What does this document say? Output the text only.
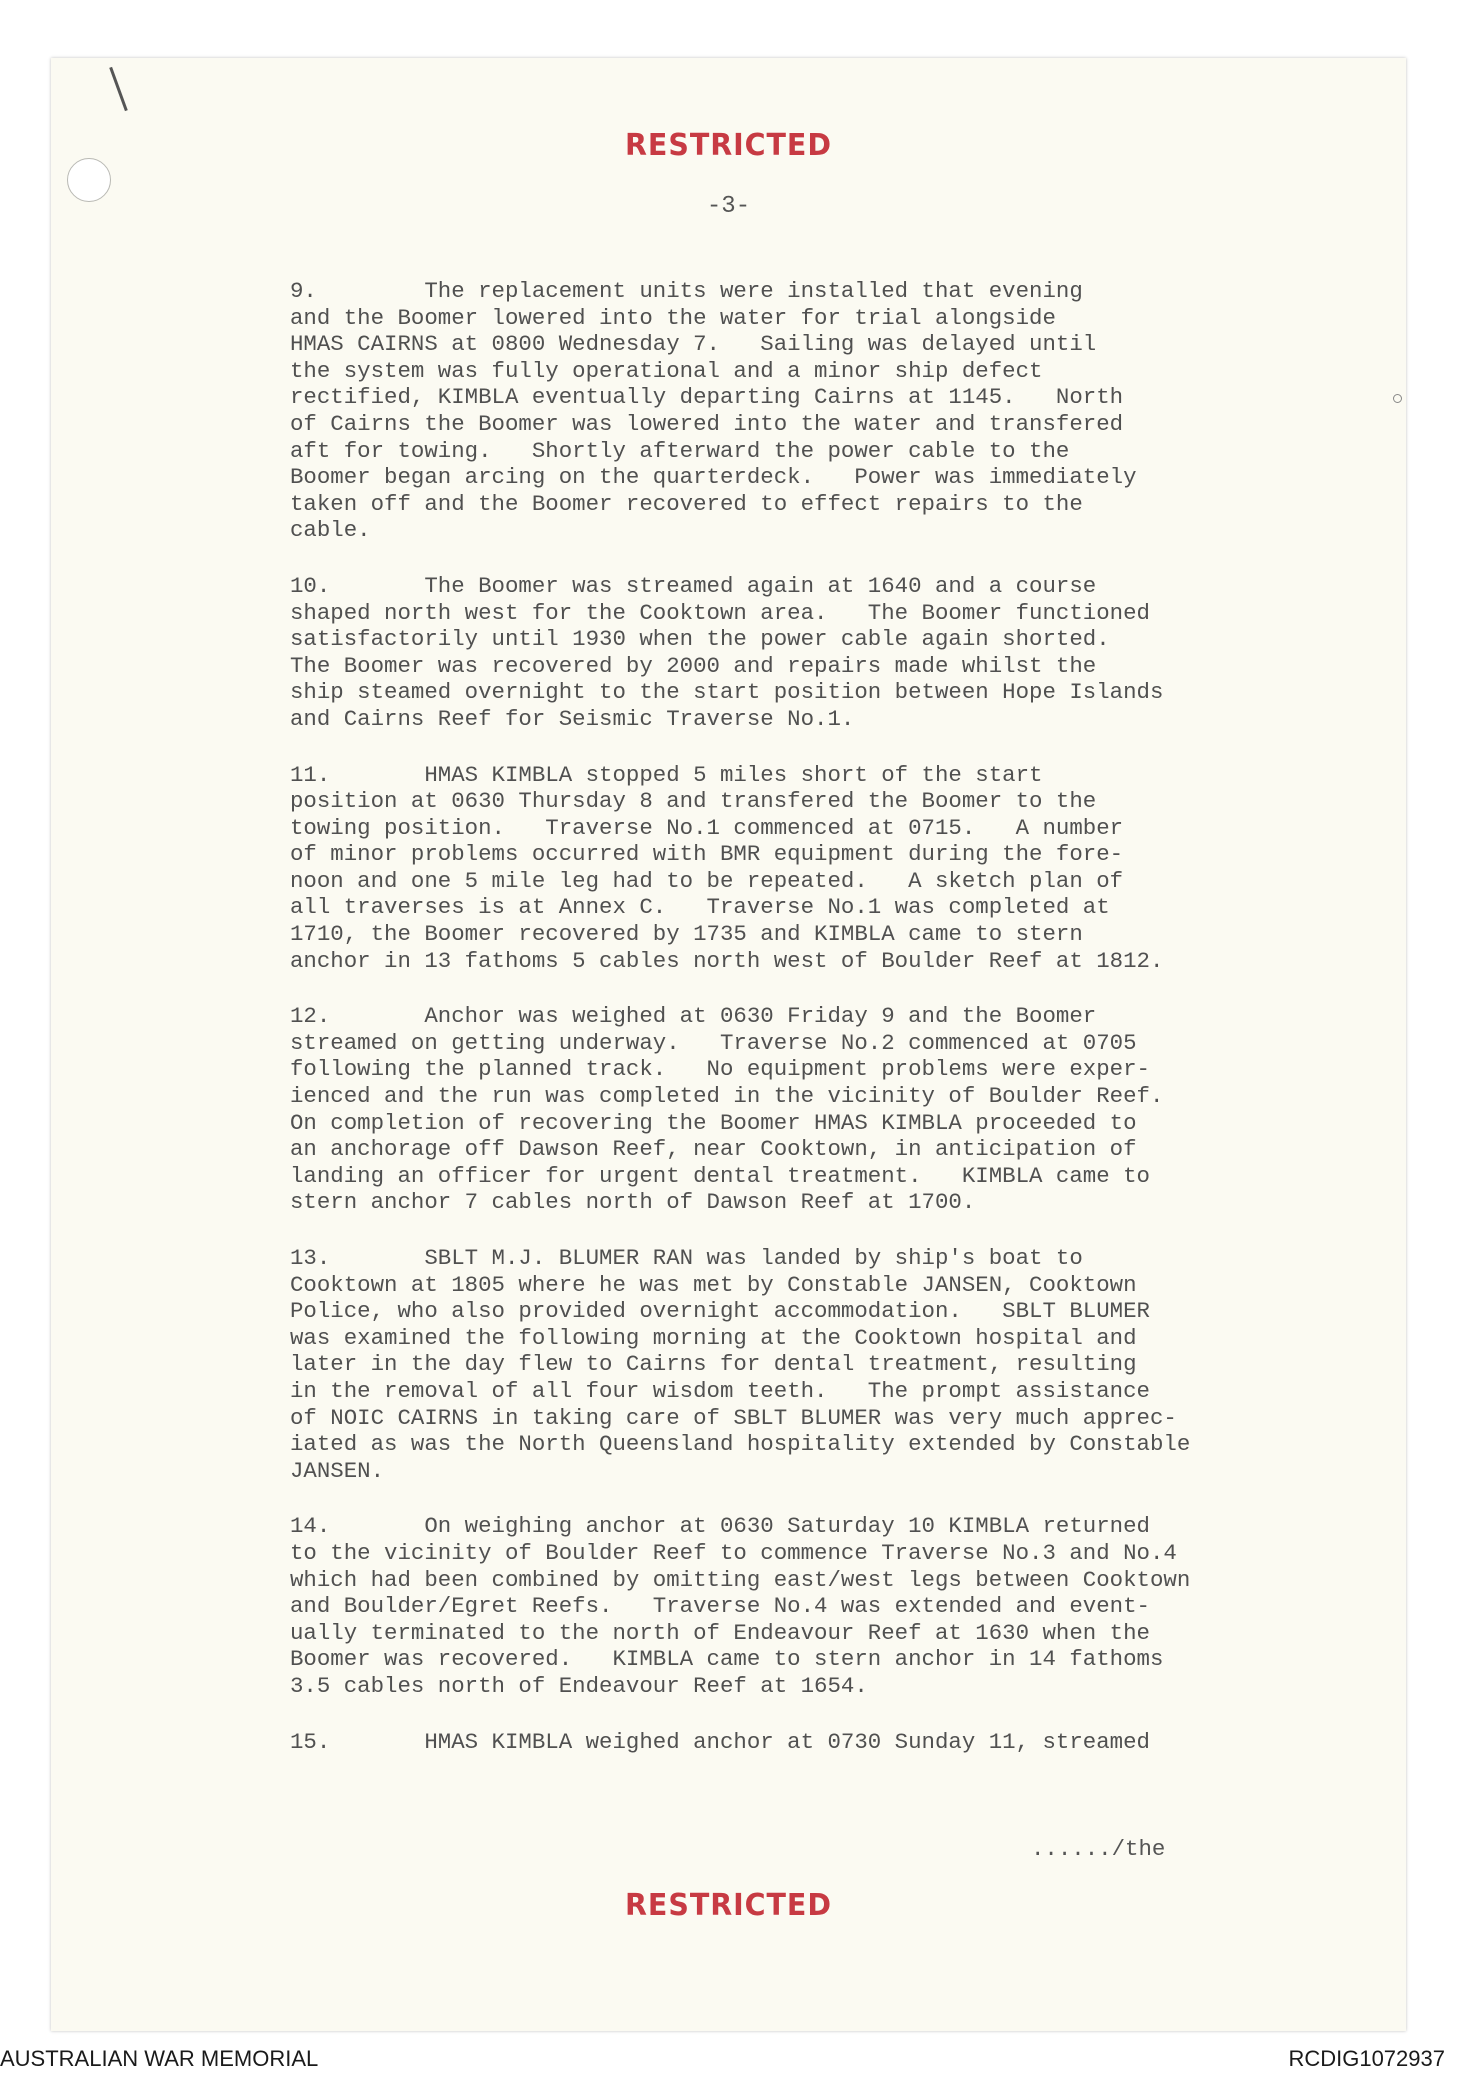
RESTRICTED
-3-
9.        The replacement units were installed that evening
and the Boomer lowered into the water for trial alongside
HMAS CAIRNS at 0800 Wednesday 7.   Sailing was delayed until
the system was fully operational and a minor ship defect
rectified, KIMBLA eventually departing Cairns at 1145.   North
of Cairns the Boomer was lowered into the water and transfered
aft for towing.   Shortly afterward the power cable to the
Boomer began arcing on the quarterdeck.   Power was immediately
taken off and the Boomer recovered to effect repairs to the
cable.
10.       The Boomer was streamed again at 1640 and a course
shaped north west for the Cooktown area.   The Boomer functioned
satisfactorily until 1930 when the power cable again shorted.
The Boomer was recovered by 2000 and repairs made whilst the
ship steamed overnight to the start position between Hope Islands
and Cairns Reef for Seismic Traverse No.1.
11.       HMAS KIMBLA stopped 5 miles short of the start
position at 0630 Thursday 8 and transfered the Boomer to the
towing position.   Traverse No.1 commenced at 0715.   A number
of minor problems occurred with BMR equipment during the fore-
noon and one 5 mile leg had to be repeated.   A sketch plan of
all traverses is at Annex C.   Traverse No.1 was completed at
1710, the Boomer recovered by 1735 and KIMBLA came to stern
anchor in 13 fathoms 5 cables north west of Boulder Reef at 1812.
12.       Anchor was weighed at 0630 Friday 9 and the Boomer
streamed on getting underway.   Traverse No.2 commenced at 0705
following the planned track.   No equipment problems were exper-
ienced and the run was completed in the vicinity of Boulder Reef.
On completion of recovering the Boomer HMAS KIMBLA proceeded to
an anchorage off Dawson Reef, near Cooktown, in anticipation of
landing an officer for urgent dental treatment.   KIMBLA came to
stern anchor 7 cables north of Dawson Reef at 1700.
13.       SBLT M.J. BLUMER RAN was landed by ship's boat to
Cooktown at 1805 where he was met by Constable JANSEN, Cooktown
Police, who also provided overnight accommodation.   SBLT BLUMER
was examined the following morning at the Cooktown hospital and
later in the day flew to Cairns for dental treatment, resulting
in the removal of all four wisdom teeth.   The prompt assistance
of NOIC CAIRNS in taking care of SBLT BLUMER was very much apprec-
iated as was the North Queensland hospitality extended by Constable
JANSEN.
14.       On weighing anchor at 0630 Saturday 10 KIMBLA returned
to the vicinity of Boulder Reef to commence Traverse No.3 and No.4
which had been combined by omitting east/west legs between Cooktown
and Boulder/Egret Reefs.   Traverse No.4 was extended and event-
ually terminated to the north of Endeavour Reef at 1630 when the
Boomer was recovered.   KIMBLA came to stern anchor in 14 fathoms
3.5 cables north of Endeavour Reef at 1654.
15.       HMAS KIMBLA weighed anchor at 0730 Sunday 11, streamed
....../the
RESTRICTED
AUSTRALIAN WAR MEMORIAL	RCDIG1072937
